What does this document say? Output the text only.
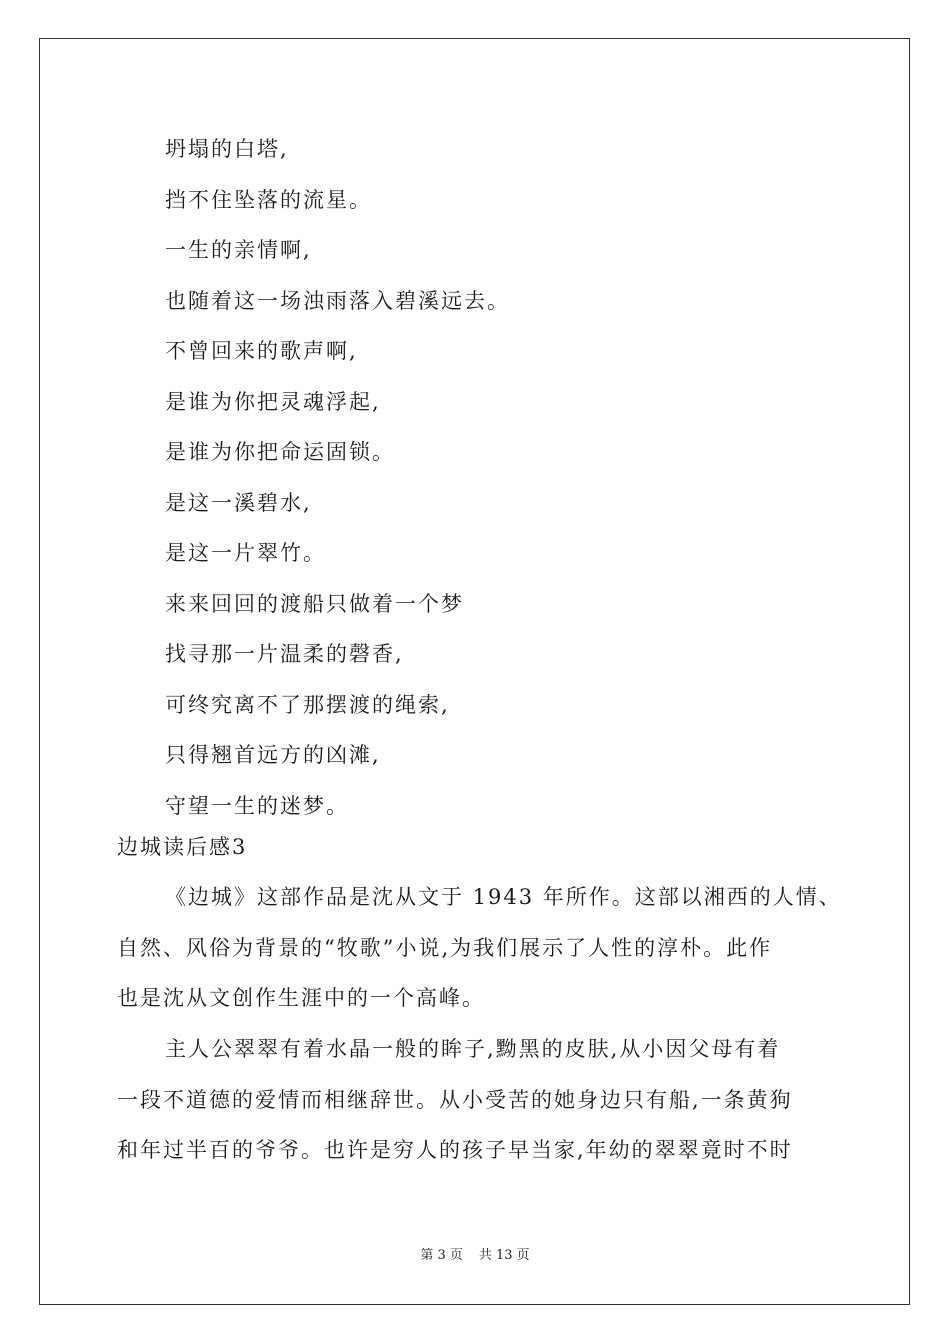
坍塌的白塔,
挡不住坠落的流星。
一生的亲情啊,
也随着这一场浊雨落入碧溪远去。
不曾回来的歌声啊,
是谁为你把灵魂浮起,
是谁为你把命运固锁。
是这一溪碧水,
是这一片翠竹。
来来回回的渡船只做着一个梦
找寻那一片温柔的磬香,
可终究离不了那摆渡的绳索,
只得翘首远方的凶滩,
守望一生的迷梦。
边城读后感3
《边城》这部作品是沈从文于 1943 年所作。这部以湘西的人情、
自然、风俗为背景的“牧歌”小说,为我们展示了人性的淳朴。此作
也是沈从文创作生涯中的一个高峰。
主人公翠翠有着水晶一般的眸子,黝黑的皮肤,从小因父母有着
一段不道德的爱情而相继辞世。从小受苦的她身边只有船,一条黄狗
和年过半百的爷爷。也许是穷人的孩子早当家,年幼的翠翠竟时不时
第 3 页 共 13 页
